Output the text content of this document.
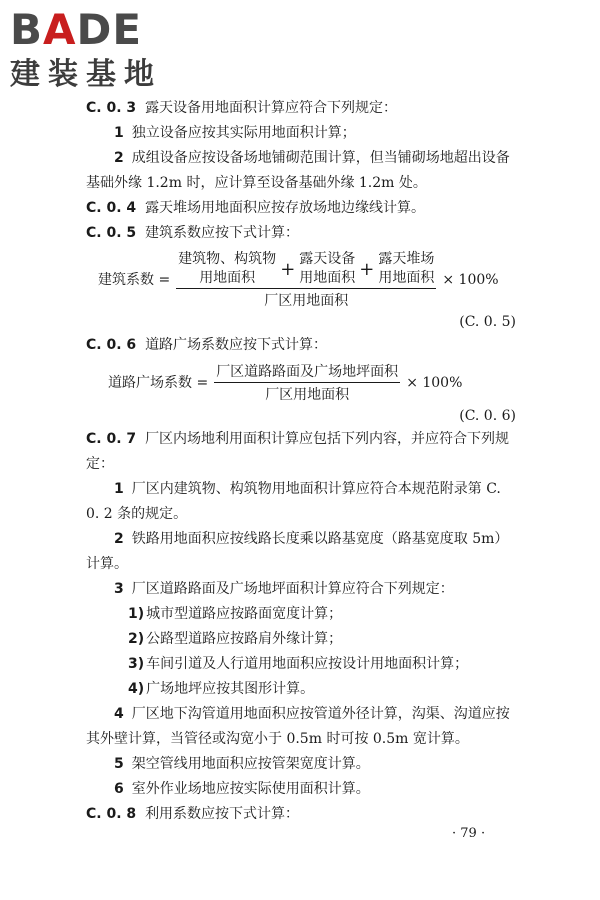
BADE
建装基地

C. 0. 3 露天设备用地面积计算应符合下列规定：

1 独立设备应按其实际用地面积计算；

2 成组设备应按设备场地铺砌范围计算，但当铺砌场地超出设备基础外缘 1.2m 时，应计算至设备基础外缘 1.2m 处。

C. 0. 4 露天堆场用地面积应按存放场地边缘线计算。

C. 0. 5 建筑系数应按下式计算：

建筑系数 =
建筑物、构筑物
用地面积 + 露天设备
用地面积 + 露天堆场
用地面积
厂区用地面积
× 100%
(C. 0. 5)

C. 0. 6 道路广场系数应按下式计算：

道路广场系数 = $\frac{\text{厂区道路路面及广场地坪面积}}{\text{厂区用地面积}} \times 100\%$
(C. 0. 6)

C. 0. 7 厂区内场地利用面积计算应包括下列内容，并应符合下列规定：

1 厂区内建筑物、构筑物用地面积计算应符合本规范附录第 C. 0. 2 条的规定。

2 铁路用地面积应按线路长度乘以路基宽度（路基宽度取 5m）计算。

3 厂区道路路面及广场地坪面积计算应符合下列规定：

1) 城市型道路应按路面宽度计算；

2) 公路型道路应按路肩外缘计算；

3) 车间引道及人行道用地面积应按设计用地面积计算；

4) 广场地坪应按其图形计算。

4 厂区地下沟管道用地面积应按管道外径计算，沟渠、沟道应按其外壁计算，当管径或沟宽小于 0.5m 时可按 0.5m 宽计算。

5 架空管线用地面积应按管架宽度计算。

6 室外作业场地应按实际使用面积计算。

C. 0. 8 利用系数应按下式计算：

· 79 ·
